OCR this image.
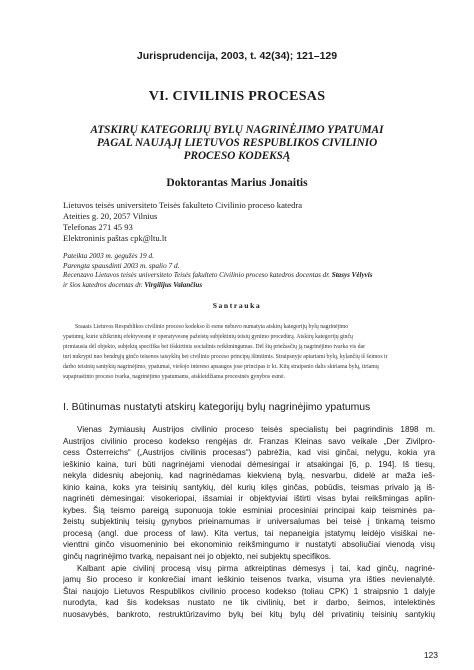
Jurisprudencija, 2003, t. 42(34); 121–129
VI. CIVILINIS PROCESAS
ATSKIRŲ KATEGORIJŲ BYLŲ NAGRINĖJIMO YPATUMAI
PAGAL NAUJĄJĮ LIETUVOS RESPUBLIKOS CIVILINIO
PROCESO KODEKSĄ
Doktorantas Marius Jonaitis
Lietuvos teisės universiteto Teisės fakulteto Civilinio proceso katedra
Ateities g. 20, 2057 Vilnius
Telefonas 271 45 93
Elektroninis paštas cpk@ltu.lt
Pateikta 2003 m. gegužės 19 d.
Parengta spausdinti 2003 m. spalio 7 d.
Recenzavo Lietuvos teisės universiteto Teisės fakulteto Civilinio proceso katedros docentas dr. Stasys Vėlyvis
ir šios katedros docentas dr. Virgilijus Valančius
Santrauka
Sraaais Lietuvos Respublikos civilinio proceso kodekso ši esme nebuvo numatyta atskirų kategorijų bylų nagrinėjimo
ypatumų, kurie užtikrintų efektyvesnę ir operatyvesnę pažeistų subjektinių teisių gynimo procedūrą. Atskirų kategorijų ginčų
pirmiausia dėl objekto, subjektų specifika bei išskirtinis socialinis reikšmingumas. Dėl šių priežasčių ją nagrinėjimo tvarka vis dar
turi nukrypti nuo bendrųjų ginčo teisenos taisyklių bei civilinio proceso principų išimtimis. Straipsnyje aptariami bylų, kylančių iš šeimos ir
darbo teisinių santykių nagrinėjimo, ypatumai, viešojo intereso apsaugos jose principas ir kt. Kitų straipsnio dalis skiriama bylų, tiriamų
supaprastinto proceso tvarka, nagrinėjimo ypatumams, atskleidžiama procesinės gynybos esmė.
I. Būtinumas nustatyti atskirų kategorijų bylų nagrinėjimo ypatumus
Vienas žymiausių Austrijos civilinio proceso teisės specialistų bei pagrindinis 1898 m.
Austrijos civilinio proceso kodekso rengėjas dr. Franzas Kleinas savo veikale „Der Zivilpro-
cess Österreichs“ („Austrijos civilinis procesas“) pabrėžia, kad visi ginčai, nelygu, kokia yra
ieškinio kaina, turi būti nagrinėjami vienodai dėmesingai ir atsakingai [6, p. 194]. Iš tiesų,
nekyla didesnių abejonių, kad nagrinėdamas kiekvieną bylą, nesvarbu, didelė ar maža ieš-
kinio kaina, koks yra teisinių santykių, dėl kurių kilęs ginčas, pobūdis, teismas privalo ją iš-
nagrinėti dėmesingai: visokeriopai, išsamiai ir objektyviai ištirti visas bylai reikšmingas aplin-
kybes. Šią teismo pareigą suponuoja tokie esminiai procesiniai principai kaip teisminės pa-
žeistų subjektinių teisių gynybos prieinamumas ir universalumas bei teisė į tinkamą teismo
procesą (angl. due process of law). Kita vertus, tai nepaneigia įstatymų leidėjo visiškai ne-
vienttni ginčo visuomeninio bei ekonominio reikšmingumo ir nustatyti absoliučiai vienodą visų
ginčų nagrinėjimo tvarką, nepaisant nei jo objekto, nei subjektų specifikos.
Kalbant apie civilinį procesą visų pirma atkreiptinas dėmesys į tai, kad ginčų, nagrinė-
jamų šio proceso ir konkrečiai imant ieškinio teisenos tvarka, visuma yra išties nevienalytė.
Štai naujojo Lietuvos Respublikos civilinio proceso kodekso (toliau CPK) 1 straipsnio 1 dalyje
nurodyta, kad šis kodeksas nustato ne tik civilinių, bet ir darbo, šeimos, intelektinės
nuosavybės, bankroto, restruktūrizavimo bylų bei kitų bylų dėl privatinių teisinių santykių
123
